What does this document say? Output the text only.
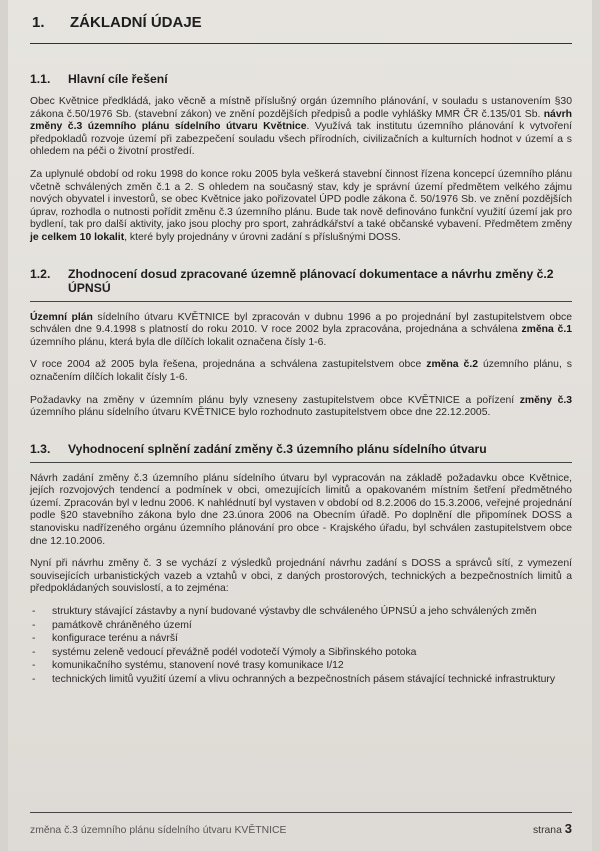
1.	ZÁKLADNÍ ÚDAJE
1.1.	Hlavní cíle řešení

Obec Květnice předkládá, jako věcně a místně příslušný orgán územního plánování, v souladu s ustanovením §30 zákona č.50/1976 Sb. (stavební zákon) ve znění pozdějších předpisů a podle vyhlášky MMR ČR č.135/01 Sb. návrh změny č.3 územního plánu sídelního útvaru Květnice. Využívá tak institutu územního plánování k vytvoření předpokladů rozvoje území při zabezpečení souladu všech přírodních, civilizačních a kulturních hodnot v území a s ohledem na péči o životní prostředí.

Za uplynulé období od roku 1998 do konce roku 2005 byla veškerá stavební činnost řízena koncepcí územního plánu včetně schválených změn č.1 a 2. S ohledem na současný stav, kdy je správní území předmětem velkého zájmu nových obyvatel i investorů, se obec Květnice jako pořizovatel ÚPD podle zákona č. 50/1976 Sb. ve znění pozdějších úprav, rozhodla o nutnosti pořídit změnu č.3 územního plánu. Bude tak nově definováno funkční využití území jak pro bydlení, tak pro další aktivity, jako jsou plochy pro sport, zahrádkářství a také občanské vybavení. Předmětem změny je celkem 10 lokalit, které byly projednány v úrovni zadání s příslušnými DOSS.

1.2.	Zhodnocení dosud zpracované územně plánovací dokumentace a návrhu změny č.2 ÚPNSÚ

Územní plán sídelního útvaru KVĚTNICE byl zpracován v dubnu 1996 a po projednání byl zastupitelstvem obce schválen dne 9.4.1998 s platností do roku 2010. V roce 2002 byla zpracována, projednána a schválena změna č.1 územního plánu, která byla dle dílčích lokalit označena čísly 1-6.

V roce 2004 až 2005 byla řešena, projednána a schválena zastupitelstvem obce změna č.2 územního plánu, s označením dílčích lokalit čísly 1-6.

Požadavky na změny v územním plánu byly vzneseny zastupitelstvem obce KVĚTNICE a pořízení změny č.3 územního plánu sídelního útvaru KVĚTNICE bylo rozhodnuto zastupitelstvem obce dne 22.12.2005.

1.3.	Vyhodnocení splnění zadání změny č.3 územního plánu sídelního útvaru

Návrh zadání změny č.3 územního plánu sídelního útvaru byl vypracován na základě požadavku obce Květnice, jejích rozvojových tendencí a podmínek v obci, omezujících limitů a opakovaném místním šetření předmětného území. Zpracován byl v lednu 2006. K nahlédnutí byl vystaven v období od 8.2.2006 do 15.3.2006, veřejné projednání podle §20 stavebního zákona bylo dne 23.února 2006 na Obecním úřadě. Po doplnění dle připomínek DOSS a stanovisku nadřízeného orgánu územního plánování pro obce - Krajského úřadu, byl schválen zastupitelstvem obce dne 12.10.2006.

Nyní při návrhu změny č. 3 se vychází z výsledků projednání návrhu zadání s DOSS a správců sítí, z vymezení souvisejících urbanistických vazeb a vztahů v obci, z daných prostorových, technických a bezpečnostních limitů a předpokládaných souvislostí, a to zejména:

- struktury stávající zástavby a nyní budované výstavby dle schváleného ÚPNSÚ a jeho schválených změn
- památkově chráněného území
- konfigurace terénu a návrší
- systému zeleně vedoucí převážně podél vodotečí Výmoly a Sibřinského potoka
- komunikačního systému, stanovení nové trasy komunikace I/12
- technických limitů využití území a vlivu ochranných a bezpečnostních pásem stávající technické infrastruktury
změna č.3 územního plánu sídelního útvaru KVĚTNICE	strana 3
